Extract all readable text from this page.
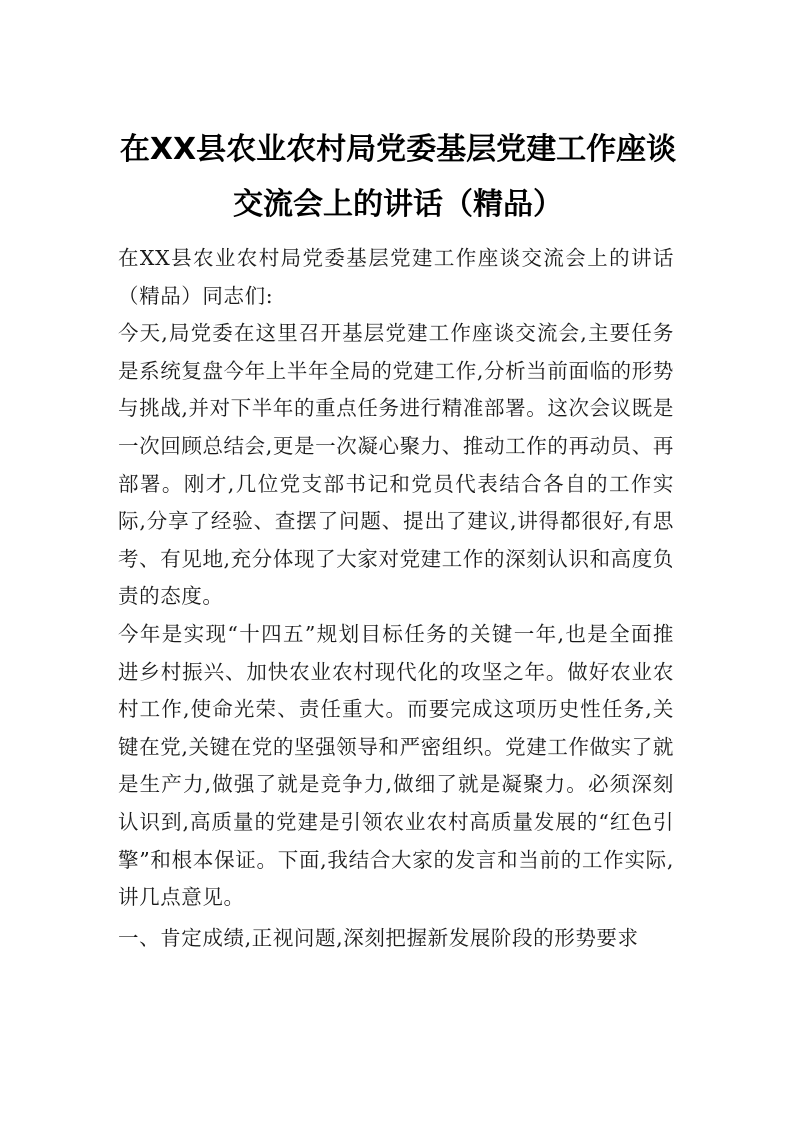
在XX县农业农村局党委基层党建工作座谈交流会上的讲话（精品）

在XX县农业农村局党委基层党建工作座谈交流会上的讲话（精品）同志们:

今天,局党委在这里召开基层党建工作座谈交流会,主要任务是系统复盘今年上半年全局的党建工作,分析当前面临的形势与挑战,并对下半年的重点任务进行精准部署。这次会议既是一次回顾总结会,更是一次凝心聚力、推动工作的再动员、再部署。刚才,几位党支部书记和党员代表结合各自的工作实际,分享了经验、查摆了问题、提出了建议,讲得都很好,有思考、有见地,充分体现了大家对党建工作的深刻认识和高度负责的态度。

今年是实现“十四五”规划目标任务的关键一年,也是全面推进乡村振兴、加快农业农村现代化的攻坚之年。做好农业农村工作,使命光荣、责任重大。而要完成这项历史性任务,关键在党,关键在党的坚强领导和严密组织。党建工作做实了就是生产力,做强了就是竞争力,做细了就是凝聚力。必须深刻认识到,高质量的党建是引领农业农村高质量发展的“红色引擎”和根本保证。下面,我结合大家的发言和当前的工作实际,讲几点意见。

一、肯定成绩,正视问题,深刻把握新发展阶段的形势要求
